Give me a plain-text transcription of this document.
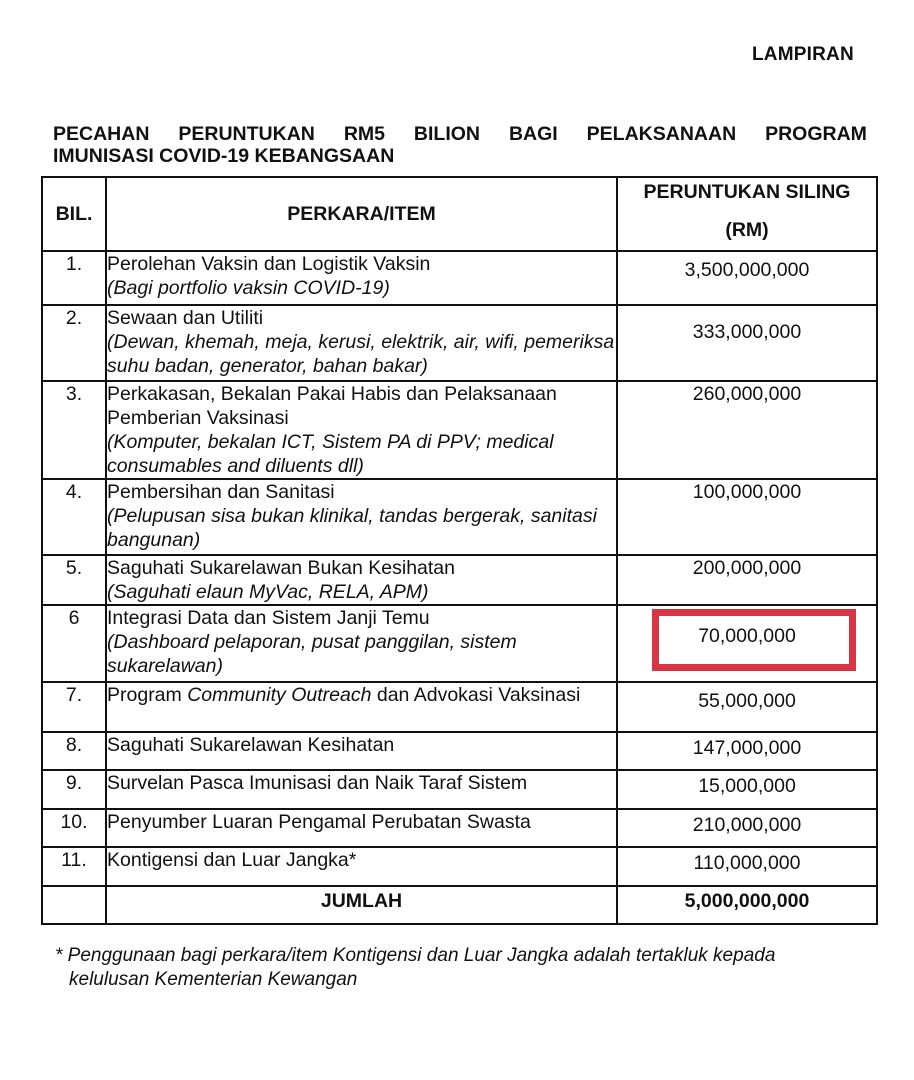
LAMPIRAN
PECAHAN PERUNTUKAN RM5 BILION BAGI PELAKSANAAN PROGRAM
IMUNISASI COVID-19 KEBANGSAAN
BIL.	PERKARA/ITEM	PERUNTUKAN SILING
(RM)

1.	Perolehan Vaksin dan Logistik Vaksin
(Bagi portfolio vaksin COVID-19)	3,500,000,000
2.	Sewaan dan Utiliti
(Dewan, khemah, meja, kerusi, elektrik, air, wifi, pemeriksa suhu badan, generator, bahan bakar)	333,000,000
3.	Perkakasan, Bekalan Pakai Habis dan Pelaksanaan Pemberian Vaksinasi
(Komputer, bekalan ICT, Sistem PA di PPV; medical consumables and diluents dll)	260,000,000
4.	Pembersihan dan Sanitasi
(Pelupusan sisa bukan klinikal, tandas bergerak, sanitasi bangunan)	100,000,000
5.	Saguhati Sukarelawan Bukan Kesihatan
(Saguhati elaun MyVac, RELA, APM)	200,000,000
6	Integrasi Data dan Sistem Janji Temu
(Dashboard pelaporan, pusat panggilan, sistem sukarelawan)	70,000,000
7.	Program Community Outreach dan Advokasi Vaksinasi	55,000,000
8.	Saguhati Sukarelawan Kesihatan	147,000,000
9.	Survelan Pasca Imunisasi dan Naik Taraf Sistem	15,000,000
10.	Penyumber Luaran Pengamal Perubatan Swasta	210,000,000
11.	Kontigensi dan Luar Jangka*	110,000,000
	JUMLAH	5,000,000,000
* Penggunaan bagi perkara/item Kontigensi dan Luar Jangka adalah tertakluk kepada
kelulusan Kementerian Kewangan
